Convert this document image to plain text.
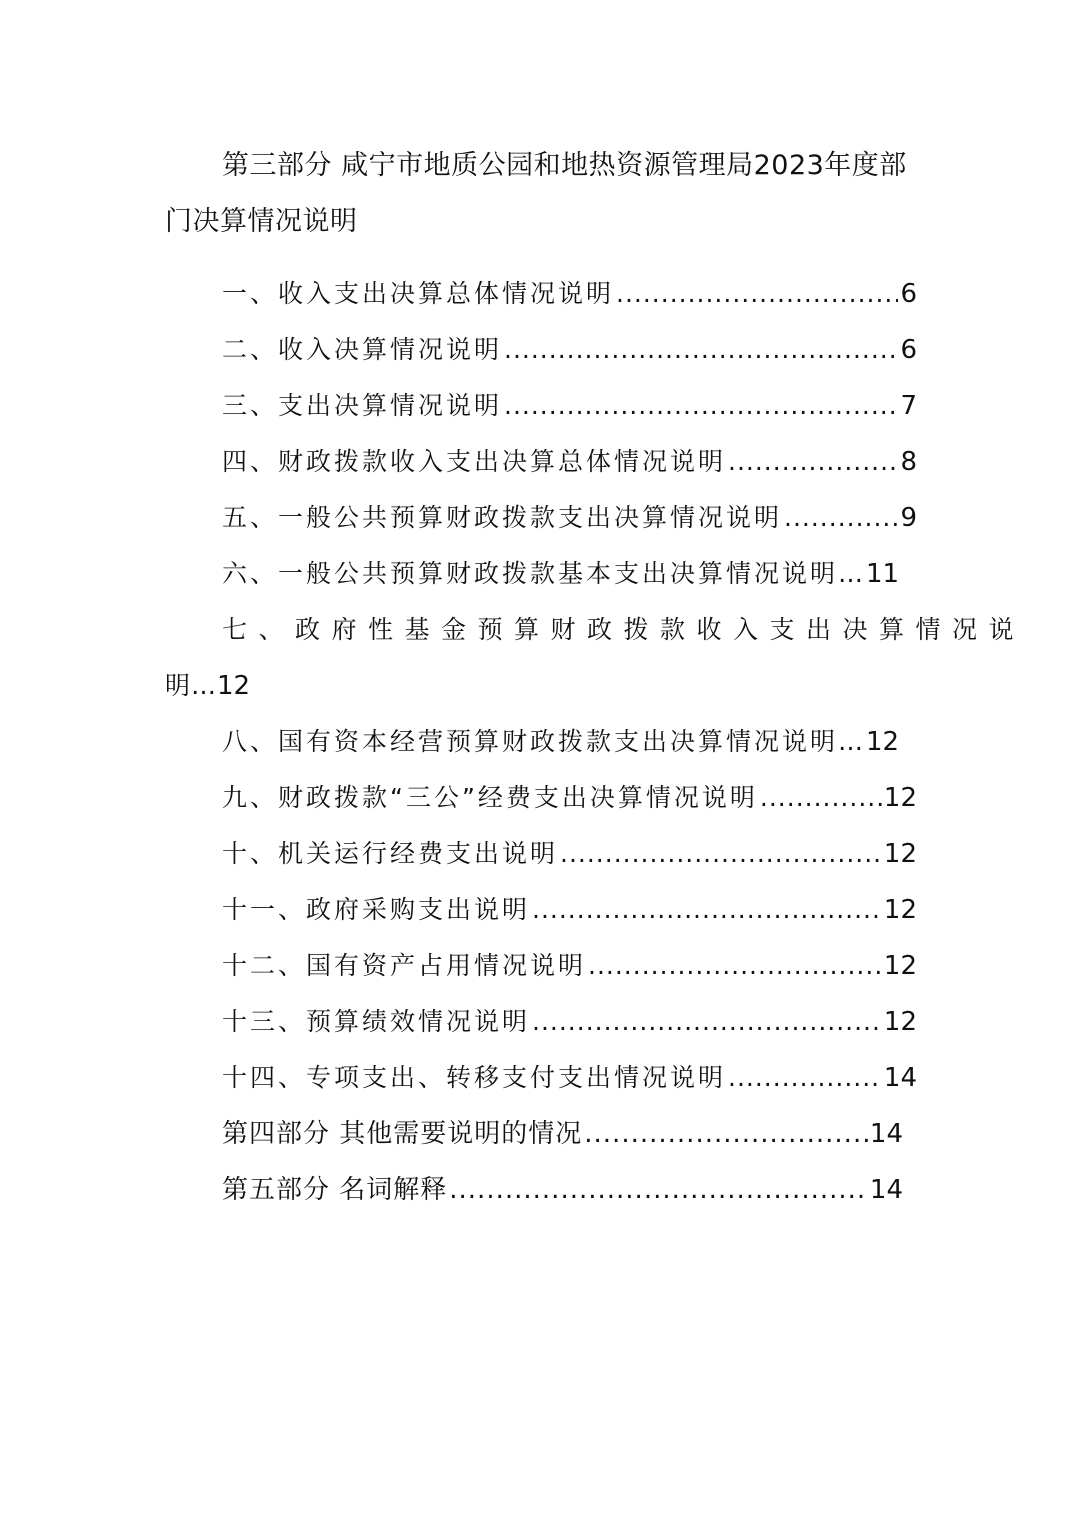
第三部分 咸宁市地质公园和地热资源管理局2023年度部门决算情况说明
一、收入支出决算总体情况说明 .....	6
二、收入决算情况说明 .....	6
三、支出决算情况说明 .....	7
四、财政拨款收入支出决算总体情况说明 .....	8
五、一般公共预算财政拨款支出决算情况说明 .....	9
六、一般公共预算财政拨款基本支出决算情况说明… 11
七、政府性基金预算财政拨款收入支出决算情况说
明…12
八、国有资本经营预算财政拨款支出决算情况说明… 12
九、财政拨款“三公”经费支出决算情况说明 .....	12
十、机关运行经费支出说明 .....	12
十一、政府采购支出说明 .....	12
十二、国有资产占用情况说明 .....	12
十三、预算绩效情况说明 .....	12
十四、专项支出、转移支付支出情况说明 .....	14
第四部分 其他需要说明的情况 .....	14
第五部分 名词解释 .....	14
